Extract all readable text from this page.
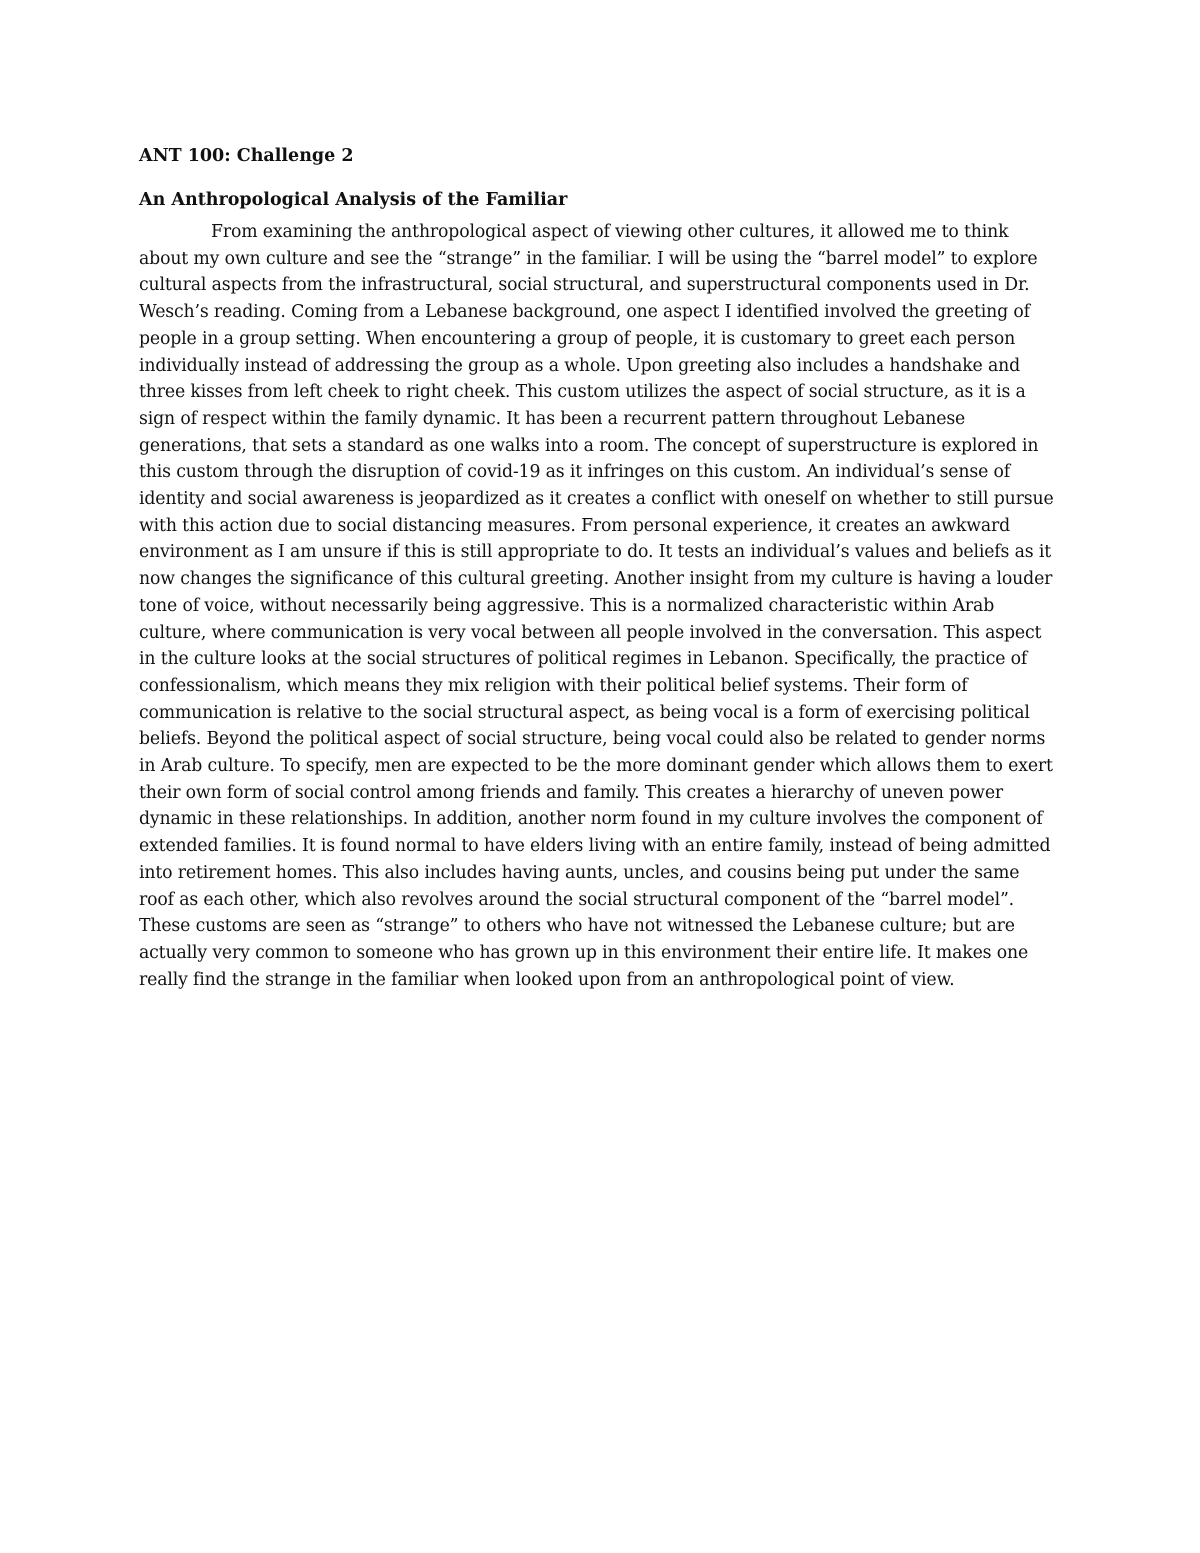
ANT 100: Challenge 2
An Anthropological Analysis of the Familiar

From examining the anthropological aspect of viewing other cultures, it allowed me to think about my own culture and see the “strange” in the familiar. I will be using the “barrel model” to explore cultural aspects from the infrastructural, social structural, and superstructural components used in Dr. Wesch’s reading. Coming from a Lebanese background, one aspect I identified involved the greeting of people in a group setting. When encountering a group of people, it is customary to greet each person individually instead of addressing the group as a whole. Upon greeting also includes a handshake and three kisses from left cheek to right cheek. This custom utilizes the aspect of social structure, as it is a sign of respect within the family dynamic. It has been a recurrent pattern throughout Lebanese generations, that sets a standard as one walks into a room. The concept of superstructure is explored in this custom through the disruption of covid-19 as it infringes on this custom. An individual’s sense of identity and social awareness is jeopardized as it creates a conflict with oneself on whether to still pursue with this action due to social distancing measures. From personal experience, it creates an awkward environment as I am unsure if this is still appropriate to do. It tests an individual’s values and beliefs as it now changes the significance of this cultural greeting. Another insight from my culture is having a louder tone of voice, without necessarily being aggressive. This is a normalized characteristic within Arab culture, where communication is very vocal between all people involved in the conversation. This aspect in the culture looks at the social structures of political regimes in Lebanon. Specifically, the practice of confessionalism, which means they mix religion with their political belief systems. Their form of communication is relative to the social structural aspect, as being vocal is a form of exercising political beliefs. Beyond the political aspect of social structure, being vocal could also be related to gender norms in Arab culture. To specify, men are expected to be the more dominant gender which allows them to exert their own form of social control among friends and family. This creates a hierarchy of uneven power dynamic in these relationships. In addition, another norm found in my culture involves the component of extended families. It is found normal to have elders living with an entire family, instead of being admitted into retirement homes. This also includes having aunts, uncles, and cousins being put under the same roof as each other, which also revolves around the social structural component of the “barrel model”. These customs are seen as “strange” to others who have not witnessed the Lebanese culture; but are actually very common to someone who has grown up in this environment their entire life. It makes one really find the strange in the familiar when looked upon from an anthropological point of view.
